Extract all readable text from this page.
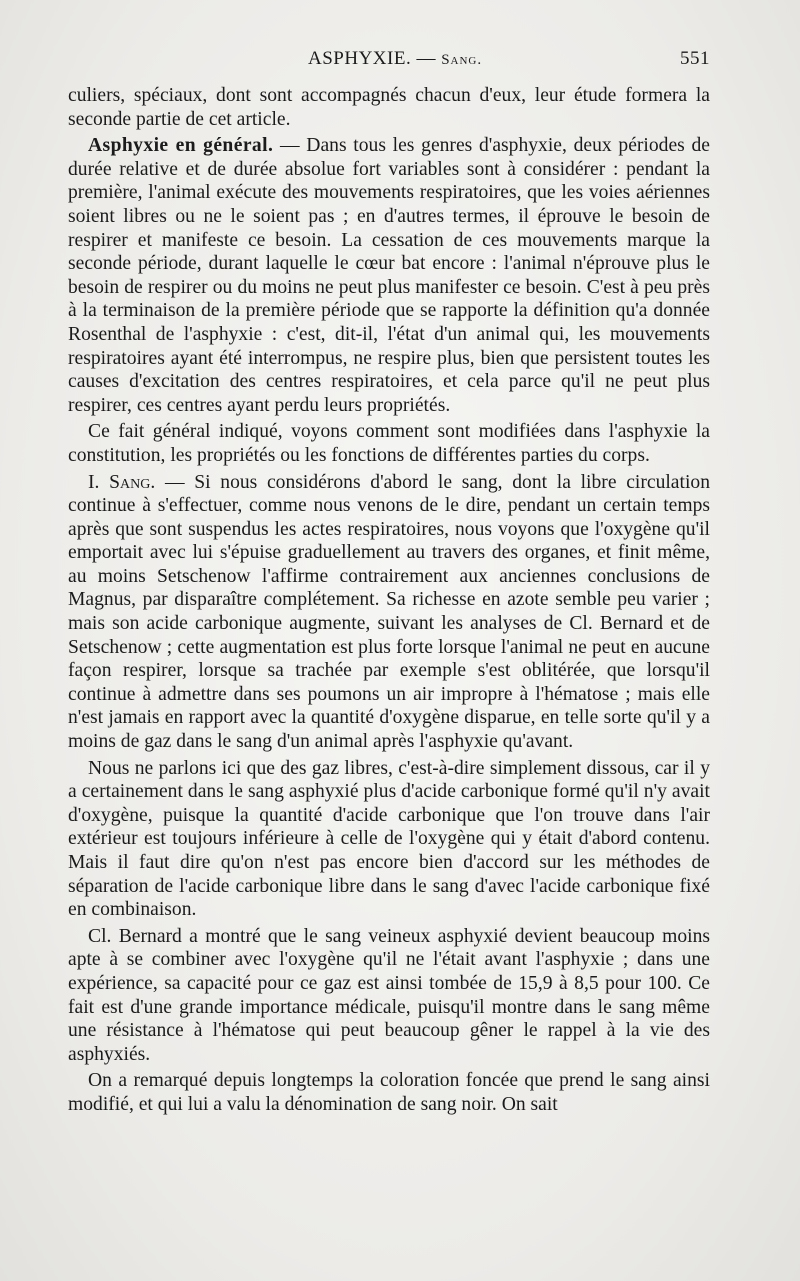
ASPHYXIE. — Sang.	551

culiers, spéciaux, dont sont accompagnés chacun d'eux, leur étude formera la seconde partie de cet article.

Asphyxie en général. — Dans tous les genres d'asphyxie, deux périodes de durée relative et de durée absolue fort variables sont à considérer : pendant la première, l'animal exécute des mouvements respiratoires, que les voies aériennes soient libres ou ne le soient pas ; en d'autres termes, il éprouve le besoin de respirer et manifeste ce besoin. La cessation de ces mouvements marque la seconde période, durant laquelle le cœur bat encore : l'animal n'éprouve plus le besoin de respirer ou du moins ne peut plus manifester ce besoin. C'est à peu près à la terminaison de la première période que se rapporte la définition qu'a donnée Rosenthal de l'asphyxie : c'est, dit-il, l'état d'un animal qui, les mouvements respiratoires ayant été interrompus, ne respire plus, bien que persistent toutes les causes d'excitation des centres respiratoires, et cela parce qu'il ne peut plus respirer, ces centres ayant perdu leurs propriétés.

Ce fait général indiqué, voyons comment sont modifiées dans l'asphyxie la constitution, les propriétés ou les fonctions de différentes parties du corps.

I. Sang. — Si nous considérons d'abord le sang, dont la libre circulation continue à s'effectuer, comme nous venons de le dire, pendant un certain temps après que sont suspendus les actes respiratoires, nous voyons que l'oxygène qu'il emportait avec lui s'épuise graduellement au travers des organes, et finit même, au moins Setschenow l'affirme contrairement aux anciennes conclusions de Magnus, par disparaître complétement. Sa richesse en azote semble peu varier ; mais son acide carbonique augmente, suivant les analyses de Cl. Bernard et de Setschenow ; cette augmentation est plus forte lorsque l'animal ne peut en aucune façon respirer, lorsque sa trachée par exemple s'est oblitérée, que lorsqu'il continue à admettre dans ses poumons un air impropre à l'hématose ; mais elle n'est jamais en rapport avec la quantité d'oxygène disparue, en telle sorte qu'il y a moins de gaz dans le sang d'un animal après l'asphyxie qu'avant.

Nous ne parlons ici que des gaz libres, c'est-à-dire simplement dissous, car il y a certainement dans le sang asphyxié plus d'acide carbonique formé qu'il n'y avait d'oxygène, puisque la quantité d'acide carbonique que l'on trouve dans l'air extérieur est toujours inférieure à celle de l'oxygène qui y était d'abord contenu. Mais il faut dire qu'on n'est pas encore bien d'accord sur les méthodes de séparation de l'acide carbonique libre dans le sang d'avec l'acide carbonique fixé en combinaison.

Cl. Bernard a montré que le sang veineux asphyxié devient beaucoup moins apte à se combiner avec l'oxygène qu'il ne l'était avant l'asphyxie ; dans une expérience, sa capacité pour ce gaz est ainsi tombée de 15,9 à 8,5 pour 100. Ce fait est d'une grande importance médicale, puisqu'il montre dans le sang même une résistance à l'hématose qui peut beaucoup gêner le rappel à la vie des asphyxiés.

On a remarqué depuis longtemps la coloration foncée que prend le sang ainsi modifié, et qui lui a valu la dénomination de sang noir. On sait
